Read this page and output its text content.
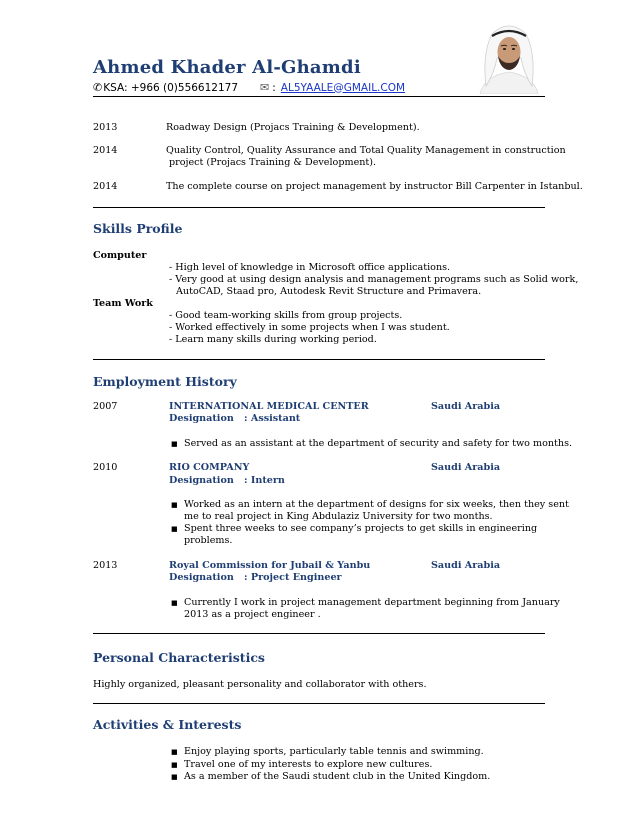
Ahmed Khader Al-Ghamdi
✆ KSA: +966 (0)556612177 ✉ : AL5YAALE@GMAIL.COM
2013	Roadway Design (Projacs Training & Development).
2014	Quality Control, Quality Assurance and Total Quality Management in construction
project (Projacs Training & Development).
2014	The complete course on project management by instructor Bill Carpenter in Istanbul.
Skills Profile
Computer
- High level of knowledge in Microsoft office applications.
- Very good at using design analysis and management programs such as Solid work,
AutoCAD, Staad pro, Autodesk Revit Structure and Primavera.
Team Work
- Good team-working skills from group projects.
- Worked effectively in some projects when I was student.
- Learn many skills during working period.
Employment History
2007	INTERNATIONAL MEDICAL CENTER	Saudi Arabia
Designation : Assistant
■ Served as an assistant at the department of security and safety for two months.
2010	RIO COMPANY	Saudi Arabia
Designation : Intern
■ Worked as an intern at the department of designs for six weeks, then they sent
me to real project in King Abdulaziz University for two months.
■ Spent three weeks to see company’s projects to get skills in engineering
problems.
2013	Royal Commission for Jubail & Yanbu	Saudi Arabia
Designation : Project Engineer
■ Currently I work in project management department beginning from January
2013 as a project engineer .
Personal Characteristics
Highly organized, pleasant personality and collaborator with others.
Activities & Interests
■ Enjoy playing sports, particularly table tennis and swimming.
■ Travel one of my interests to explore new cultures.
■ As a member of the Saudi student club in the United Kingdom.
